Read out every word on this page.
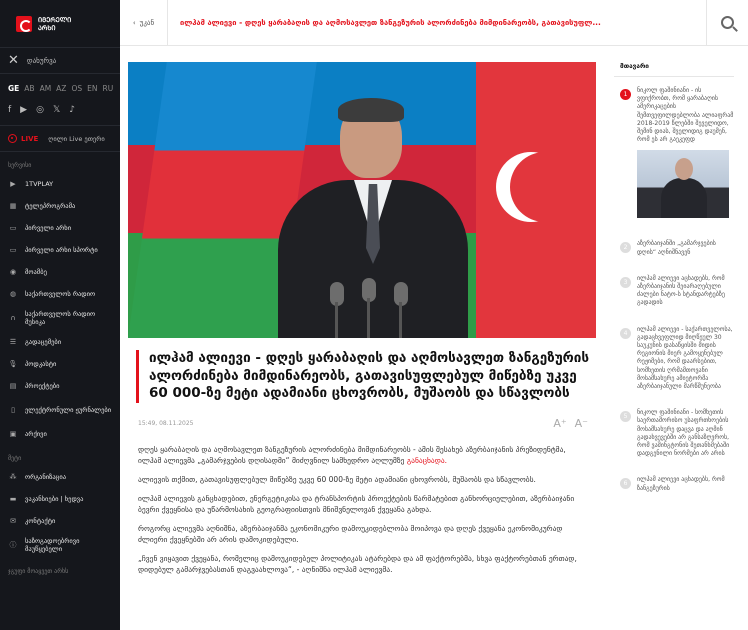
ᲘᲛᲔᲠᲔᲚᲘ
ᲐᲠᲮᲘ
✕ დახურვა
GE AB AM AZ OS EN RU
f ▶ ◎ 𝕏 ♪
LIVE ღილი Live ეთერი
სერვისი
▶	1TVPLAY
▦ ტელეპროგრამა
▭ პირველი არხი
▭ პირველი არხი სპორტი
◉	მოამბე
◍	საქართველოს რადიო
∩	საქართველოს რადიო მუსიკა
☰ გადაცემები
🎙 პოდკასტი
▤ პროექტები
▯	ელექტრონული ჟურნალები
▣ არქივი
მეტი
⁂ ორგანიზაცია
▬ ვაკანსიები | ხედვა
✉	კონტაქტი
ⓘ საზოგადოებრივი მაუწყებელი
ჯგუფი მოაყვეთ არხს
‹ უკან	ილჰამ ალიევი - დღეს ყარაბაღის და აღმოსავლეთ ზანგეზურის ალორძინება მიმდინარეობს, გათავისუფლ...
ილჰამ ალიევი - დღეს ყარაბაღის და აღმოსავლეთ ზანგეზურის ალორძინება მიმდინარეობს, გათავისუფლებულ მიწებზე უკვე 60 000-ზე მეტი ადამიანი ცხოვრობს, მუშაობს და სწავლობს
15:49, 08.11.2025	A⁺ A⁻

დღეს ყარაბაღის და აღმოსავლეთ ზანგეზურის ალორძინება მიმდინარეობს - ამის შესახებ აზერბაიჯანის პრეზიდენტმა, ილჰამ ალიევმა „გამარჯვების დღისადმი“ მიძღვნილ სამხედრო აღლუმზე განაცხადა.

ალიევის თქმით, გათავისუფლებულ მიწებზე უკვე 60 000-ზე მეტი ადამიანი ცხოვრობს, მუშაობს და სწავლობს.

ილჰამ ალიევის განცხადებით, ენერგეტიკისა და ტრანსპორტის პროექტების წარმატებით განხორციელებით, აზერბაიჯანი ბევრი ქვეყნისა და უწარმოსახის გეოგრაფიისთვის მნიშვნელოვან ქვეყანა გახდა.

როგორც ალიევმა აღნიშნა, აზერბაიჯანმა ეკონომიკური დამოუკიდებლობა მოიპოვა და დღეს ქვეყანა ეკონომიკურად ძლიერი ქვეყნებში არ არის დამოკიდებული.

„ჩვენ ვიყავით ქვეყანა, რომელიც დამოუკიდებელ პოლიტიკას ატარებდა და ამ ფაქტორებმა, სხვა ფაქტორებთან ერთად, დიდებულ გამარჯვებასთან დაგვაახლოვა“, - აღნიშნა ილჰამ ალიევმა.

მთავარი
1
ნიკოლ ფაშინიანი - ის ვფიქრობთ, რომ ყარაბაღის ამერიკაცების შემთვეფილდებლობა ალიაფრამ 2018-2019 წლებში შეველიდო, შემინ დიას, შველიდიგ დაუმენ, რომ ეს არ გაეკეფდ
2
აზერბაიჯანში „გამარჯვების დღის“ აღნიშნავენ
3
ილჰამ ალიევი აცხადებს, რომ აზერბაიჯანის შეიარაღებული ძალები ნატო-ს სტანდარტებზე გადადის
4
ილჰამ ალიევი - საქართველოსა, გადაცხვეფლიდ მიღწეულ 30 საუკუნის დასაწყისში მიდის რეგიონის მიერ გამოყენებულ რეჟიმები, რომ დაარსებით, სომხეთის ღრმამთოვანი მოსამსახურე ამიეტორმა აზერბაიჯანული მარწმუნეობა
5
ნიკოლ ფაშინიანი - სომხეთის საერთაშორისო უსაფრთხოების მოსამსახურე დაცვა და აღმინ გადახვევებში არ განსაზღვროს, რომ ვაშინგტონის შეთანხმებაში დადგენილი ნორმები არ არის
6
ილჰამ ალიევი აცხადებს, რომ ზანგეზურის
